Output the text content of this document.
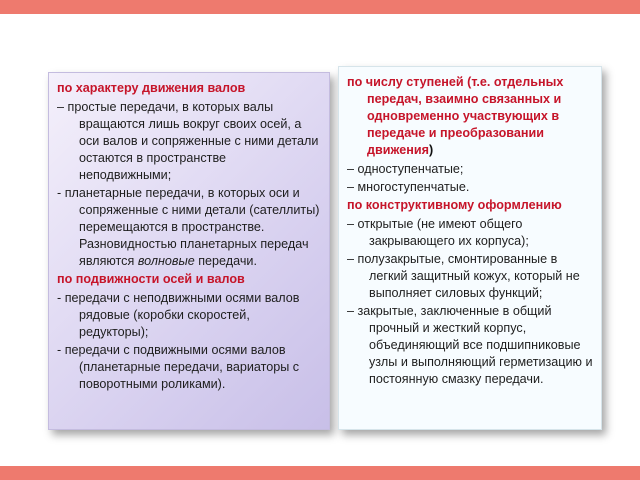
по характеру движения валов
– простые передачи, в которых валы вращаются лишь вокруг своих осей, а оси валов и сопряженные с ними детали остаются в пространстве неподвижными;
- планетарные передачи, в которых оси и сопряженные с ними детали (сателлиты) перемещаются в пространстве. Разновидностью планетарных передач являются волновые передачи.
по подвижности осей и валов
- передачи с неподвижными осями валов рядовые (коробки скоростей, редукторы);
- передачи с подвижными осями валов (планетарные передачи, вариаторы с поворотными роликами).
по числу ступеней (т.е. отдельных передач, взаимно связанных и одновременно участвующих в передаче и преобразовании движения)
– одноступенчатые;
– многоступенчатые.
по конструктивному оформлению
– открытые (не имеют общего закрывающего их корпуса);
– полузакрытые, смонтированные в легкий защитный кожух, который не выполняет силовых функций;
– закрытые, заключенные в общий прочный и жесткий корпус, объединяющий все подшипниковые узлы и выполняющий герметизацию и постоянную смазку передачи.
